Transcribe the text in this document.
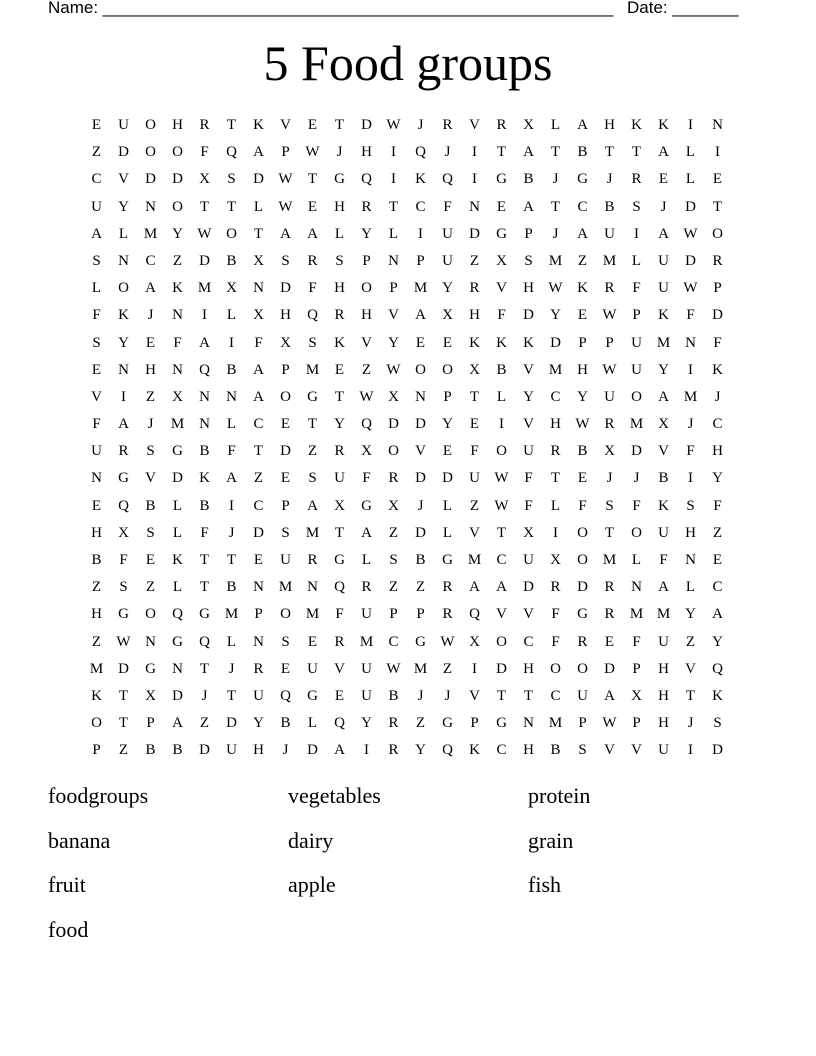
Name: ______________________________________________________ Date: _______
5 Food groups
E	U	O	H	R	T	K	V	E	T	D W	J	R	V	R	X	L	A	H	K	K	I	N
Z	D	O	O	F	Q	A	P	W	J	H	I	Q	J	I	T	A	T	B	T	T	A	L	I
C	V	D	D	X	S	D W	T	G	Q	I	K	Q	I	G	B	J	G	J	R	E	L	E
U	Y	N	O	T	T	L	W	E	H	R	T	C	F	N	E	A	T	C	B	S	J	D	T
A	L	M Y W O	T	A	A	L	Y	L	I	U	D	G	P	J	A	U	I	A W O
S	N	C	Z	D	B	X	S	R	S	P	N	P	U	Z	X	S	M	Z	M	L	U	D	R
L	O	A	K M X	N	D	F	H	O	P	M Y	R	V	H W K	R	F	U W	P
F	K	J	N	I	L	X	H	Q	R	H	V	A	X	H	F	D	Y	E	W	P	K	F	D
S	Y	E	F	A	I	F	X	S	K	V	Y	E	E	K	K	K	D	P	P	U M N	F
E	N	H	N	Q	B	A	P	M	E	Z	W O	O	X	B	V M H W U	Y	I	K
V	I	Z	X	N	N	A	O	G	T	W X	N	P	T	L	Y	C	Y	U	O	A M	J
F	A	J	M N	L	C	E	T	Y	Q	D	D	Y	E	I	V	H W R	M X	J	C
U	R	S	G	B	F	T	D	Z	R	X	O	V	E	F	O	U	R	B	X	D	V	F	H
N	G	V	D	K	A	Z	E	S	U	F	R	D	D	U W	F	T	E	J	J	B	I	Y
E	Q	B	L	B	I	C	P	A	X	G	X	J	L	Z	W	F	L	F	S	F	K	S	F
H	X	S	L	F	J	D	S	M	T	A	Z	D	L	V	T	X	I	O	T	O	U	H	Z
B	F	E	K	T	T	E	U	R	G	L	S	B	G M	C	U	X	O M	L	F	N	E
Z	S	Z	L	T	B	N M N	Q	R	Z	Z	R	A	A	D	R	D	R	N	A	L	C
H	G	O	Q	G M	P	O M	F	U	P	P	R	Q	V	V	F	G	R	M M Y	A
Z	W N	G	Q	L	N	S	E	R	M	C	G W X	O	C	F	R	E	F	U	Z	Y
M D	G	N	T	J	R	E	U	V	U W M	Z	I	D	H	O	O	D	P	H	V	Q
K	T	X	D	J	T	U	Q	G	E	U	B	J	J	V	T	T	C	U	A	X	H	T	K
O	T	P	A	Z	D	Y	B	L	Q	Y	R	Z	G	P	G	N M	P	W	P	H	J	S
P	Z	B	B	D	U	H	J	D	A	I	R	Y	Q	K	C	H	B	S	V	V	U	I	D
foodgroups	vegetables	protein
banana	dairy	grain
fruit	apple	fish
food
